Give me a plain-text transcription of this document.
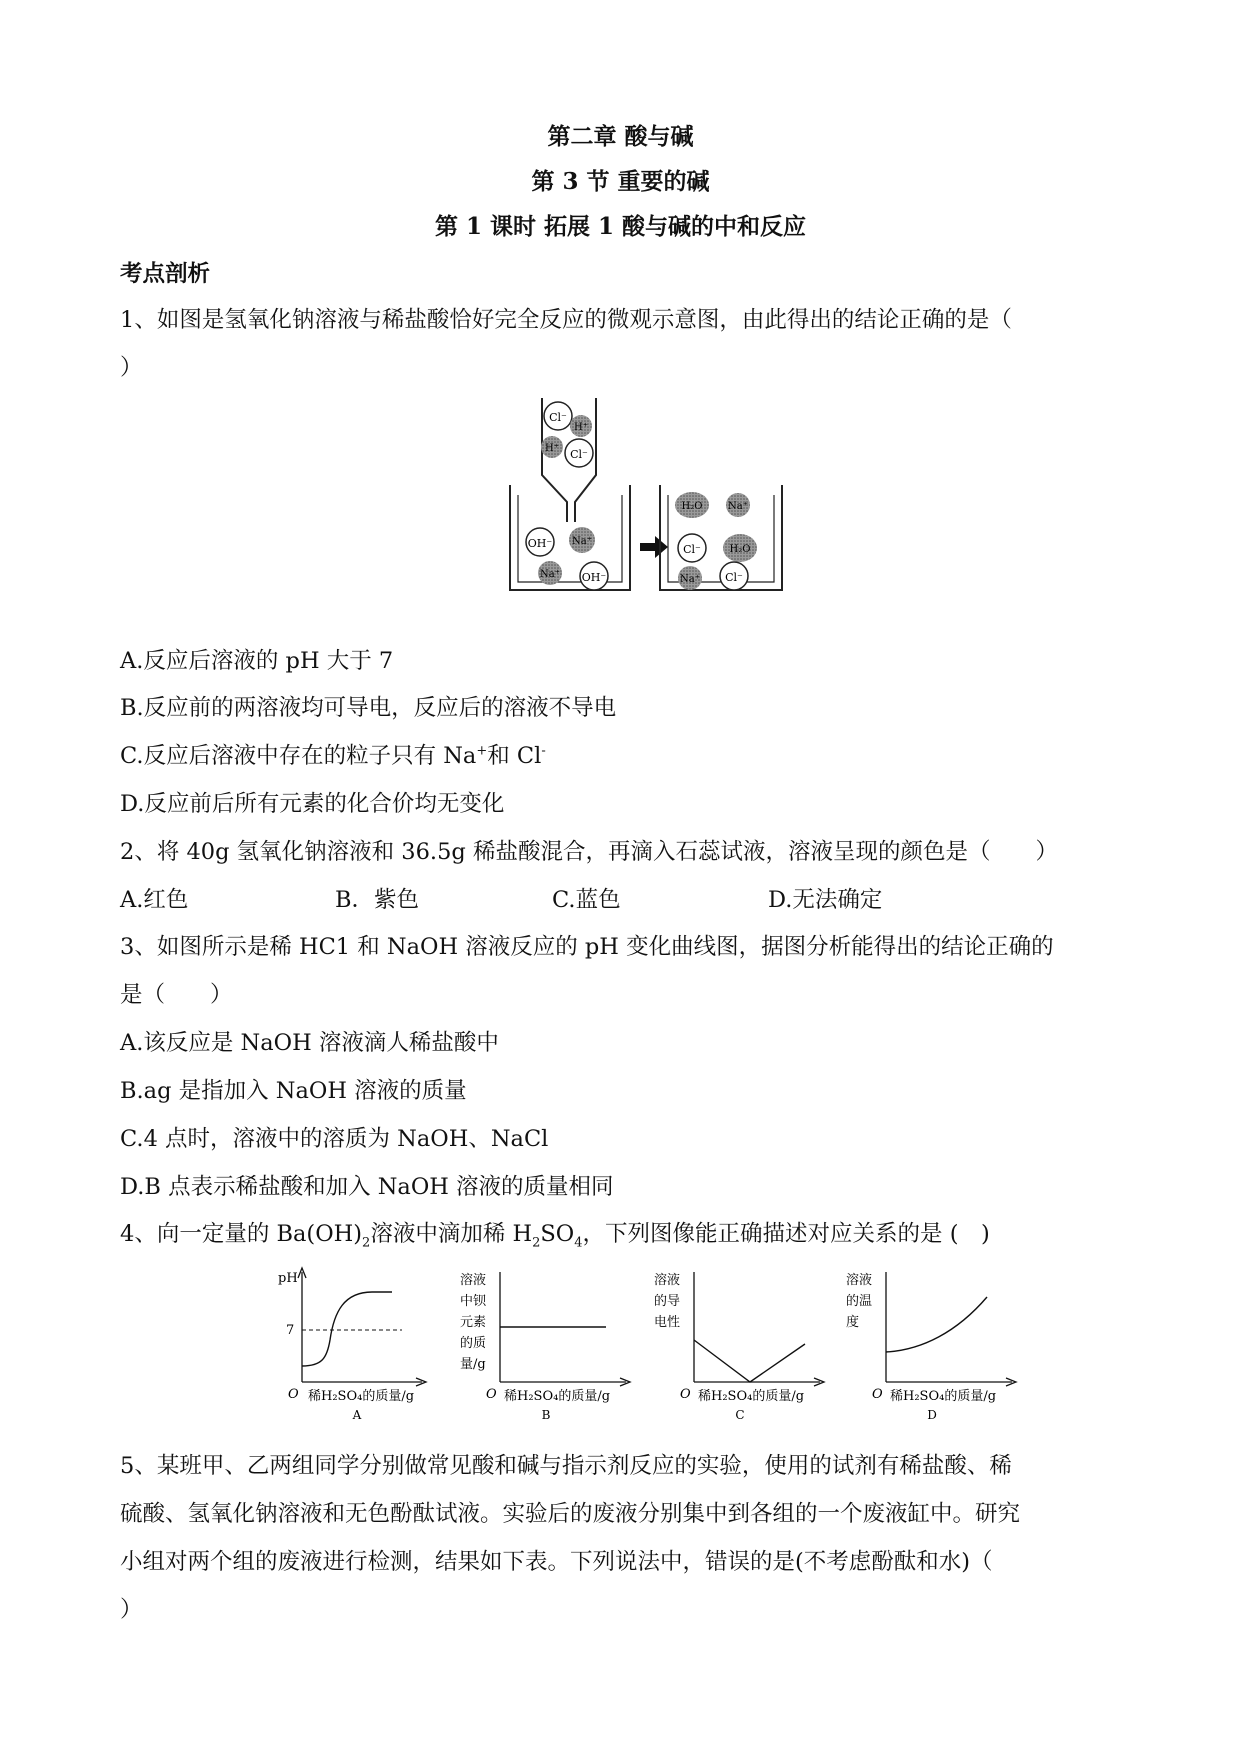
第二章 酸与碱
第 3 节 重要的碱
第 1 课时 拓展 1 酸与碱的中和反应
考点剖析
1、如图是氢氧化钠溶液与稀盐酸恰好完全反应的微观示意图，由此得出的结论正确的是（
）
Cl⁻
H⁺
H⁺ Cl⁻
OH⁻ Na⁺
Na⁺ OH⁻
H₂O	Na⁺
Cl⁻	H₂O
Na⁺ Cl⁻
A.反应后溶液的 pH 大于 7
B.反应前的两溶液均可导电，反应后的溶液不导电
C.反应后溶液中存在的粒子只有 Na+和 Cl-
D.反应前后所有元素的化合价均无变化
2、将 40g 氢氧化钠溶液和 36.5g 稀盐酸混合，再滴入石蕊试液，溶液呈现的颜色是（　　）
A.红色	B．紫色	C.蓝色	D.无法确定
3、如图所示是稀 HC1 和 NaOH 溶液反应的 pH 变化曲线图，据图分析能得出的结论正确的
是（　　）
A.该反应是 NaOH 溶液滴人稀盐酸中
B.ag 是指加入 NaOH 溶液的质量
C.4 点时，溶液中的溶质为 NaOH、NaCl
D.B 点表示稀盐酸和加入 NaOH 溶液的质量相同
4、向一定量的 $Ba(OH)_2$溶液中滴加稀 $H_2SO_4$，下列图像能正确描述对应关系的是 (　)
pH
7
O 稀H₂SO₄的质量/g
A
溶液
中钡
元素
的质
量/g
O 稀H₂SO₄的质量/g
B
溶液
的导
电性
O 稀H₂SO₄的质量/g
C
溶液
的温
度
O 稀H₂SO₄的质量/g
D
5、某班甲、乙两组同学分别做常见酸和碱与指示剂反应的实验，使用的试剂有稀盐酸、稀
硫酸、氢氧化钠溶液和无色酚酞试液。实验后的废液分别集中到各组的一个废液缸中。研究
小组对两个组的废液进行检测，结果如下表。下列说法中，错误的是(不考虑酚酞和水)（
）
